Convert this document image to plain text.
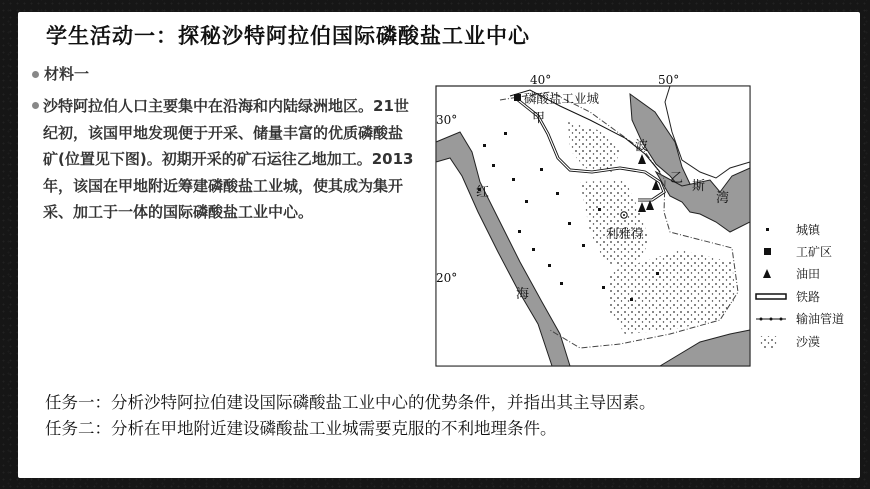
学生活动一：探秘沙特阿拉伯国际磷酸盐工业中心
材料一
沙特阿拉伯人口主要集中在沿海和内陆绿洲地区。21世纪初，该国甲地发现便于开采、储量丰富的优质磷酸盐矿(位置见下图)。初期开采的矿石运往乙地加工。2013年，该国在甲地附近筹建磷酸盐工业城，使其成为集开采、加工于一体的国际磷酸盐工业中心。
40°	50°
30°
20°
磷酸盐工业城
甲
乙
利雅得
红
海
波
斯
湾
城镇
工矿区
油田
铁路
输油管道
沙漠
任务一：分析沙特阿拉伯建设国际磷酸盐工业中心的优势条件，并指出其主导因素。
任务二：分析在甲地附近建设磷酸盐工业城需要克服的不利地理条件。
